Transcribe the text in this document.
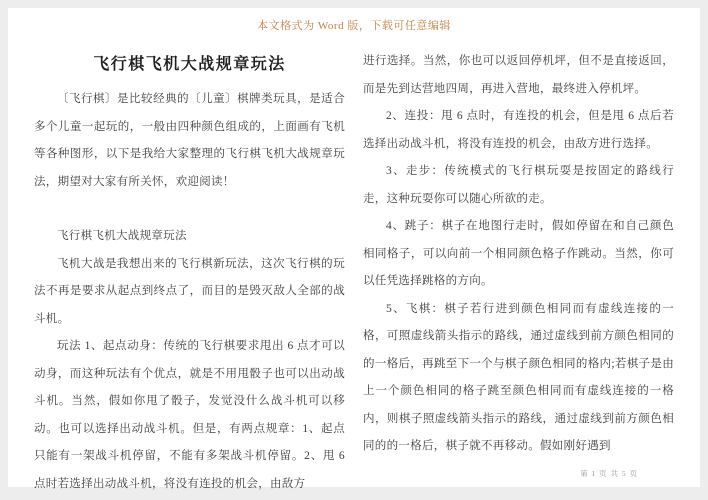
本文格式为 Word 版，下载可任意编辑
飞行棋飞机大战规章玩法

〔飞行棋〕是比较经典的〔儿童〕棋牌类玩具，是适合多个儿童一起玩的，一般由四种颜色组成的，上面画有飞机等各种图形，以下是我给大家整理的飞行棋飞机大战规章玩法，期望对大家有所关怀，欢迎阅读！

飞行棋飞机大战规章玩法

飞机大战是我想出来的飞行棋新玩法，这次飞行棋的玩法不再是要求从起点到终点了，而目的是毁灭敌人全部的战斗机。

玩法 1、起点动身：传统的飞行棋要求甩出 6 点才可以动身，而这种玩法有个优点，就是不用甩骰子也可以出动战斗机。当然，假如你甩了骰子，发觉没什么战斗机可以移动。也可以选择出动战斗机。但是，有两点规章：1、起点只能有一架战斗机停留，不能有多架战斗机停留。2、甩 6 点时若选择出动战斗机，将没有连投的机会，由敌方

进行选择。当然，你也可以返回停机坪，但不是直接返回，而是先到达营地四周，再进入营地，最终进入停机坪。

2、连投：甩 6 点时，有连投的机会，但是甩 6 点后若选择出动战斗机，将没有连投的机会，由敌方进行选择。

3、走步：传统模式的飞行棋玩耍是按固定的路线行走，这种玩耍你可以随心所欲的走。

4、跳子：棋子在地图行走时，假如停留在和自己颜色相同格子，可以向前一个相同颜色格子作跳动。当然，你可以任凭选择跳格的方向。

5、飞棋：棋子若行进到颜色相同而有虚线连接的一格，可照虚线箭头指示的路线，通过虚线到前方颜色相同的的一格后，再跳至下一个与棋子颜色相同的格内;若棋子是由上一个颜色相同的格子跳至颜色相同而有虚线连接的一格内，则棋子照虚线箭头指示的路线，通过虚线到前方颜色相同的的一格后，棋子就不再移动。假如刚好遇到

第 1 页 共 5 页
